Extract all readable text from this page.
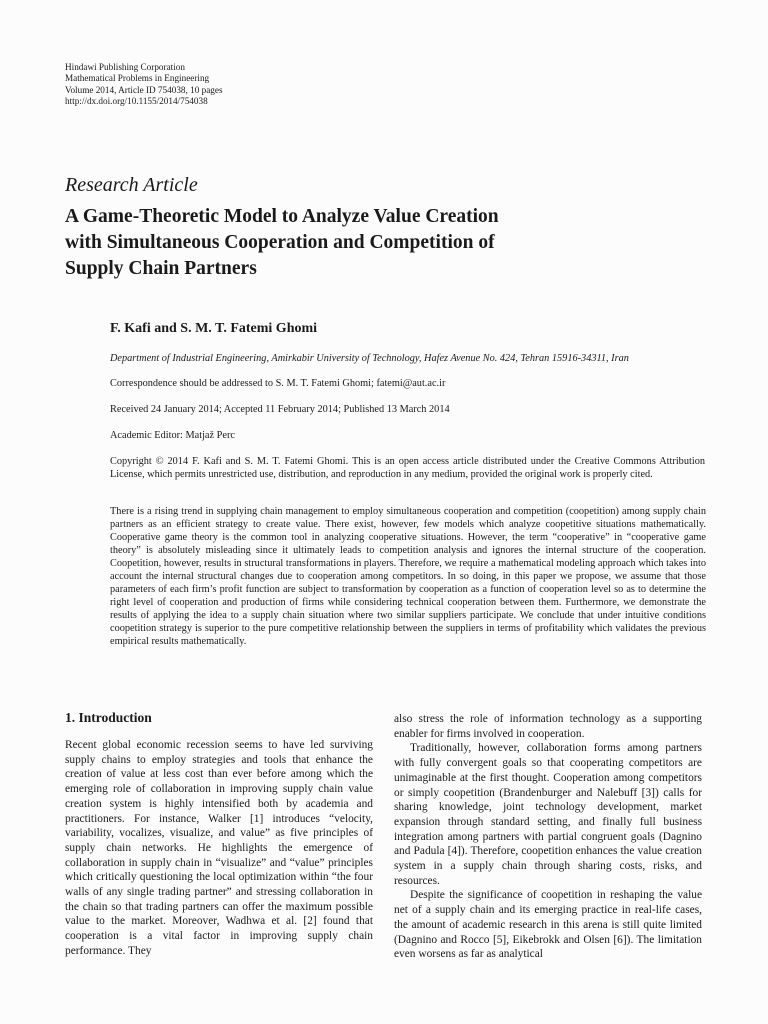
Hindawi Publishing Corporation
Mathematical Problems in Engineering
Volume 2014, Article ID 754038, 10 pages
http://dx.doi.org/10.1155/2014/754038
Research Article
A Game-Theoretic Model to Analyze Value Creation
with Simultaneous Cooperation and Competition of
Supply Chain Partners
F. Kafi and S. M. T. Fatemi Ghomi
Department of Industrial Engineering, Amirkabir University of Technology, Hafez Avenue No. 424, Tehran 15916-34311, Iran
Correspondence should be addressed to S. M. T. Fatemi Ghomi; fatemi@aut.ac.ir
Received 24 January 2014; Accepted 11 February 2014; Published 13 March 2014
Academic Editor: Matjaž Perc
Copyright © 2014 F. Kafi and S. M. T. Fatemi Ghomi. This is an open access article distributed under the Creative Commons Attribution License, which permits unrestricted use, distribution, and reproduction in any medium, provided the original work is properly cited.
There is a rising trend in supplying chain management to employ simultaneous cooperation and competition (coopetition) among supply chain partners as an efficient strategy to create value. There exist, however, few models which analyze coopetitive situations mathematically. Cooperative game theory is the common tool in analyzing cooperative situations. However, the term “cooperative” in “cooperative game theory” is absolutely misleading since it ultimately leads to competition analysis and ignores the internal structure of the cooperation. Coopetition, however, results in structural transformations in players. Therefore, we require a mathematical modeling approach which takes into account the internal structural changes due to cooperation among competitors. In so doing, in this paper we propose, we assume that those parameters of each firm’s profit function are subject to transformation by cooperation as a function of cooperation level so as to determine the right level of cooperation and production of firms while considering technical cooperation between them. Furthermore, we demonstrate the results of applying the idea to a supply chain situation where two similar suppliers participate. We conclude that under intuitive conditions coopetition strategy is superior to the pure competitive relationship between the suppliers in terms of profitability which validates the previous empirical results mathematically.
1. Introduction

Recent global economic recession seems to have led surviving supply chains to employ strategies and tools that enhance the creation of value at less cost than ever before among which the emerging role of collaboration in improving supply chain value creation system is highly intensified both by academia and practitioners. For instance, Walker [1] introduces “velocity, variability, vocalizes, visualize, and value” as five principles of supply chain networks. He highlights the emergence of collaboration in supply chain in “visualize” and “value” principles which critically questioning the local optimization within “the four walls of any single trading partner” and stressing collaboration in the chain so that trading partners can offer the maximum possible value to the market. Moreover, Wadhwa et al. [2] found that cooperation is a vital factor in improving supply chain performance. They

also stress the role of information technology as a supporting enabler for firms involved in cooperation.

Traditionally, however, collaboration forms among partners with fully convergent goals so that cooperating competitors are unimaginable at the first thought. Cooperation among competitors or simply coopetition (Brandenburger and Nalebuff [3]) calls for sharing knowledge, joint technology development, market expansion through standard setting, and finally full business integration among partners with partial congruent goals (Dagnino and Padula [4]). Therefore, coopetition enhances the value creation system in a supply chain through sharing costs, risks, and resources.

Despite the significance of coopetition in reshaping the value net of a supply chain and its emerging practice in real-life cases, the amount of academic research in this arena is still quite limited (Dagnino and Rocco [5], Eikebrokk and Olsen [6]). The limitation even worsens as far as analytical
